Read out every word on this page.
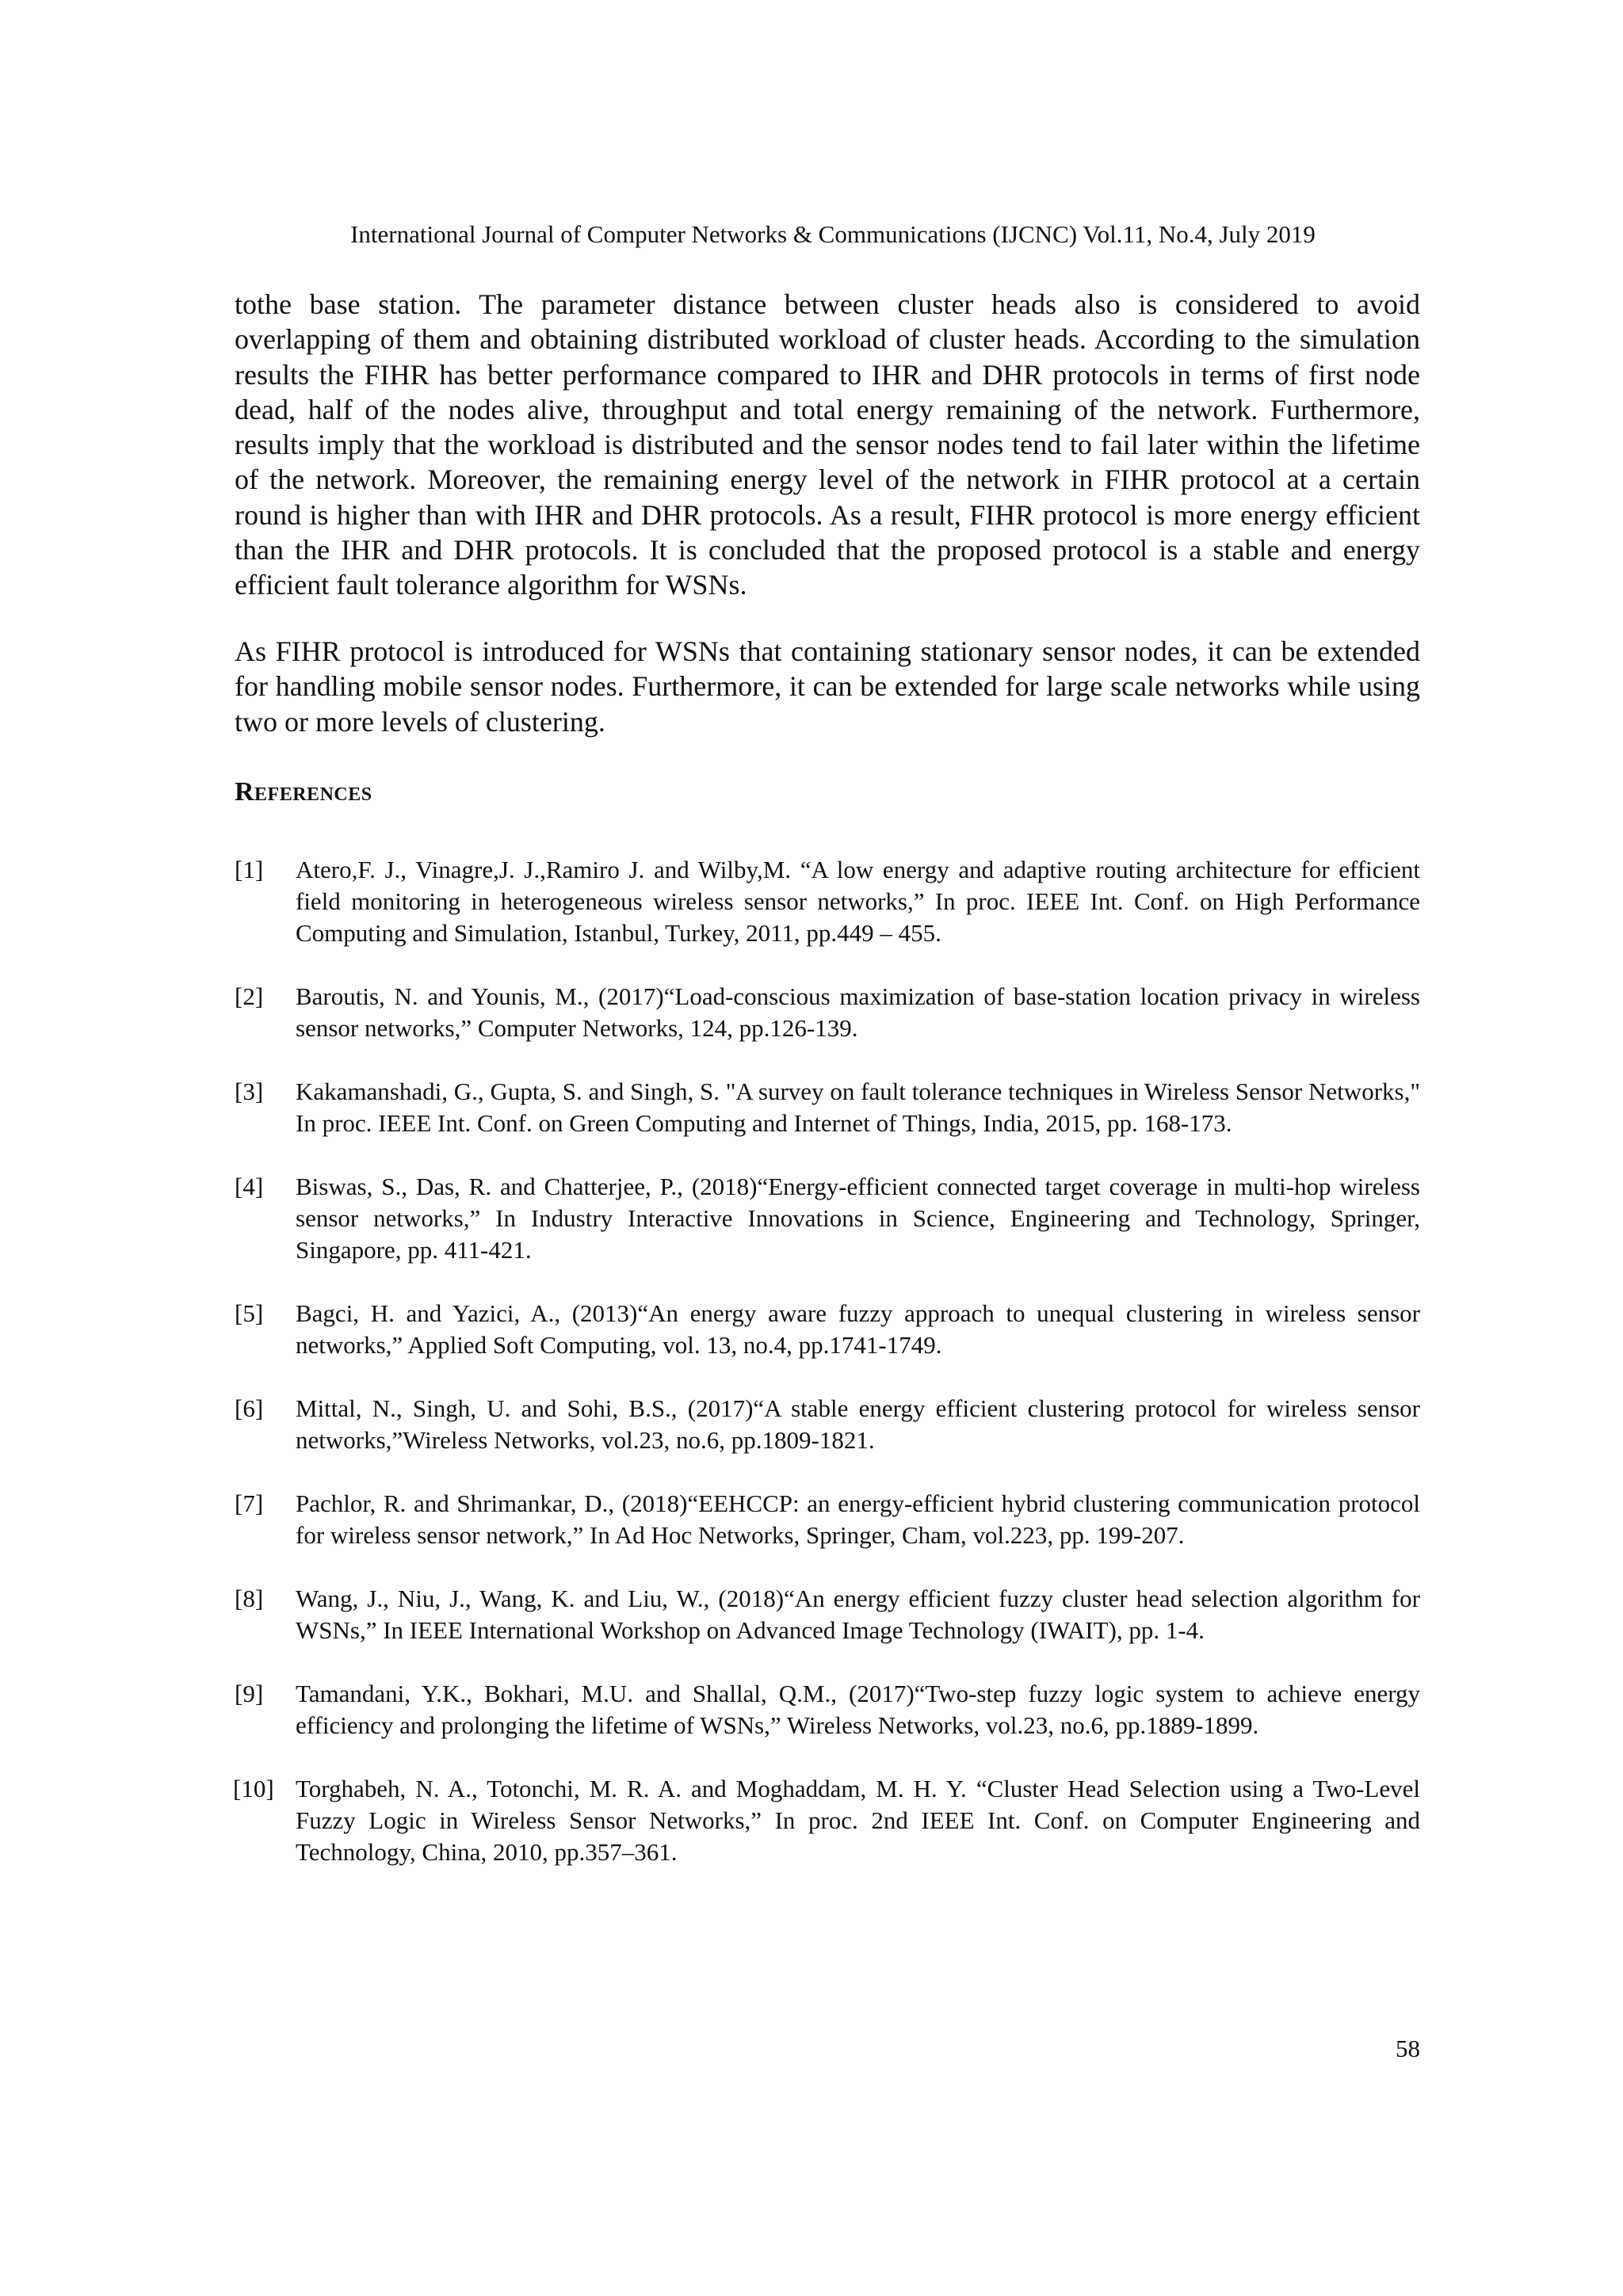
International Journal of Computer Networks & Communications (IJCNC) Vol.11, No.4, July 2019

tothe base station. The parameter distance between cluster heads also is considered to avoid overlapping of them and obtaining distributed workload of cluster heads. According to the simulation results the FIHR has better performance compared to IHR and DHR protocols in terms of first node dead, half of the nodes alive, throughput and total energy remaining of the network. Furthermore, results imply that the workload is distributed and the sensor nodes tend to fail later within the lifetime of the network. Moreover, the remaining energy level of the network in FIHR protocol at a certain round is higher than with IHR and DHR protocols. As a result, FIHR protocol is more energy efficient than the IHR and DHR protocols. It is concluded that the proposed protocol is a stable and energy efficient fault tolerance algorithm for WSNs.

As FIHR protocol is introduced for WSNs that containing stationary sensor nodes, it can be extended for handling mobile sensor nodes. Furthermore, it can be extended for large scale networks while using two or more levels of clustering.

References
[1] Atero,F. J., Vinagre,J. J.,Ramiro J. and Wilby,M. “A low energy and adaptive routing architecture for efficient field monitoring in heterogeneous wireless sensor networks,” In proc. IEEE Int. Conf. on High Performance Computing and Simulation, Istanbul, Turkey, 2011, pp.449 – 455.
[2] Baroutis, N. and Younis, M., (2017)“Load-conscious maximization of base-station location privacy in wireless sensor networks,” Computer Networks, 124, pp.126-139.
[3] Kakamanshadi, G., Gupta, S. and Singh, S. "A survey on fault tolerance techniques in Wireless Sensor Networks," In proc. IEEE Int. Conf. on Green Computing and Internet of Things, India, 2015, pp. 168-173.
[4] Biswas, S., Das, R. and Chatterjee, P., (2018)“Energy-efficient connected target coverage in multi-hop wireless sensor networks,” In Industry Interactive Innovations in Science, Engineering and Technology, Springer, Singapore, pp. 411-421.
[5] Bagci, H. and Yazici, A., (2013)“An energy aware fuzzy approach to unequal clustering in wireless sensor networks,” Applied Soft Computing, vol. 13, no.4, pp.1741-1749.
[6] Mittal, N., Singh, U. and Sohi, B.S., (2017)“A stable energy efficient clustering protocol for wireless sensor networks,”Wireless Networks, vol.23, no.6, pp.1809-1821.
[7] Pachlor, R. and Shrimankar, D., (2018)“EEHCCP: an energy-efficient hybrid clustering communication protocol for wireless sensor network,” In Ad Hoc Networks, Springer, Cham, vol.223, pp. 199-207.
[8] Wang, J., Niu, J., Wang, K. and Liu, W., (2018)“An energy efficient fuzzy cluster head selection algorithm for WSNs,” In IEEE International Workshop on Advanced Image Technology (IWAIT), pp. 1-4.
[9] Tamandani, Y.K., Bokhari, M.U. and Shallal, Q.M., (2017)“Two-step fuzzy logic system to achieve energy efficiency and prolonging the lifetime of WSNs,” Wireless Networks, vol.23, no.6, pp.1889-1899.
[10] Torghabeh, N. A., Totonchi, M. R. A. and Moghaddam, M. H. Y. “Cluster Head Selection using a Two-Level Fuzzy Logic in Wireless Sensor Networks,” In proc. 2nd IEEE Int. Conf. on Computer Engineering and Technology, China, 2010, pp.357–361.
58
